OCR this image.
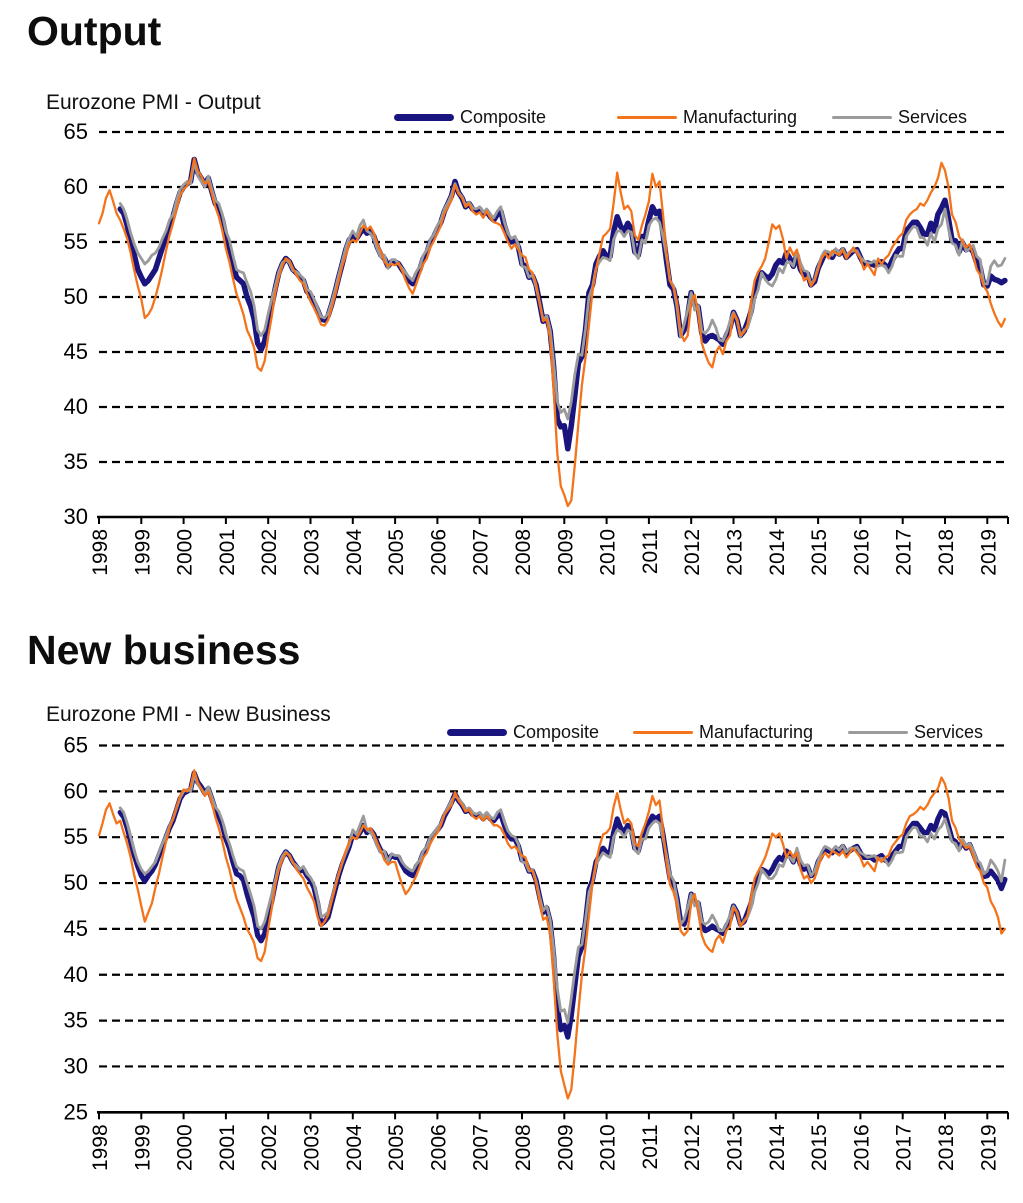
30
35
40
45
50
55
60
65
1998 1999 2000 2001 2002 2003 2004 2005 2006 2007 2008 2009 2010 2011 2012 2013 2014 2015 2016 2017 2018 2019
25
30
35
40
45
50
55
60
65
1998 1999 2000 2001 2002 2003 2004 2005 2006 2007 2008 2009 2010 2011 2012 2013 2014 2015 2016 2017 2018 2019
Output
New business
Eurozone PMI - Output
Eurozone PMI - New Business
Composite	Manufacturing	Services
Composite	Manufacturing	Services
